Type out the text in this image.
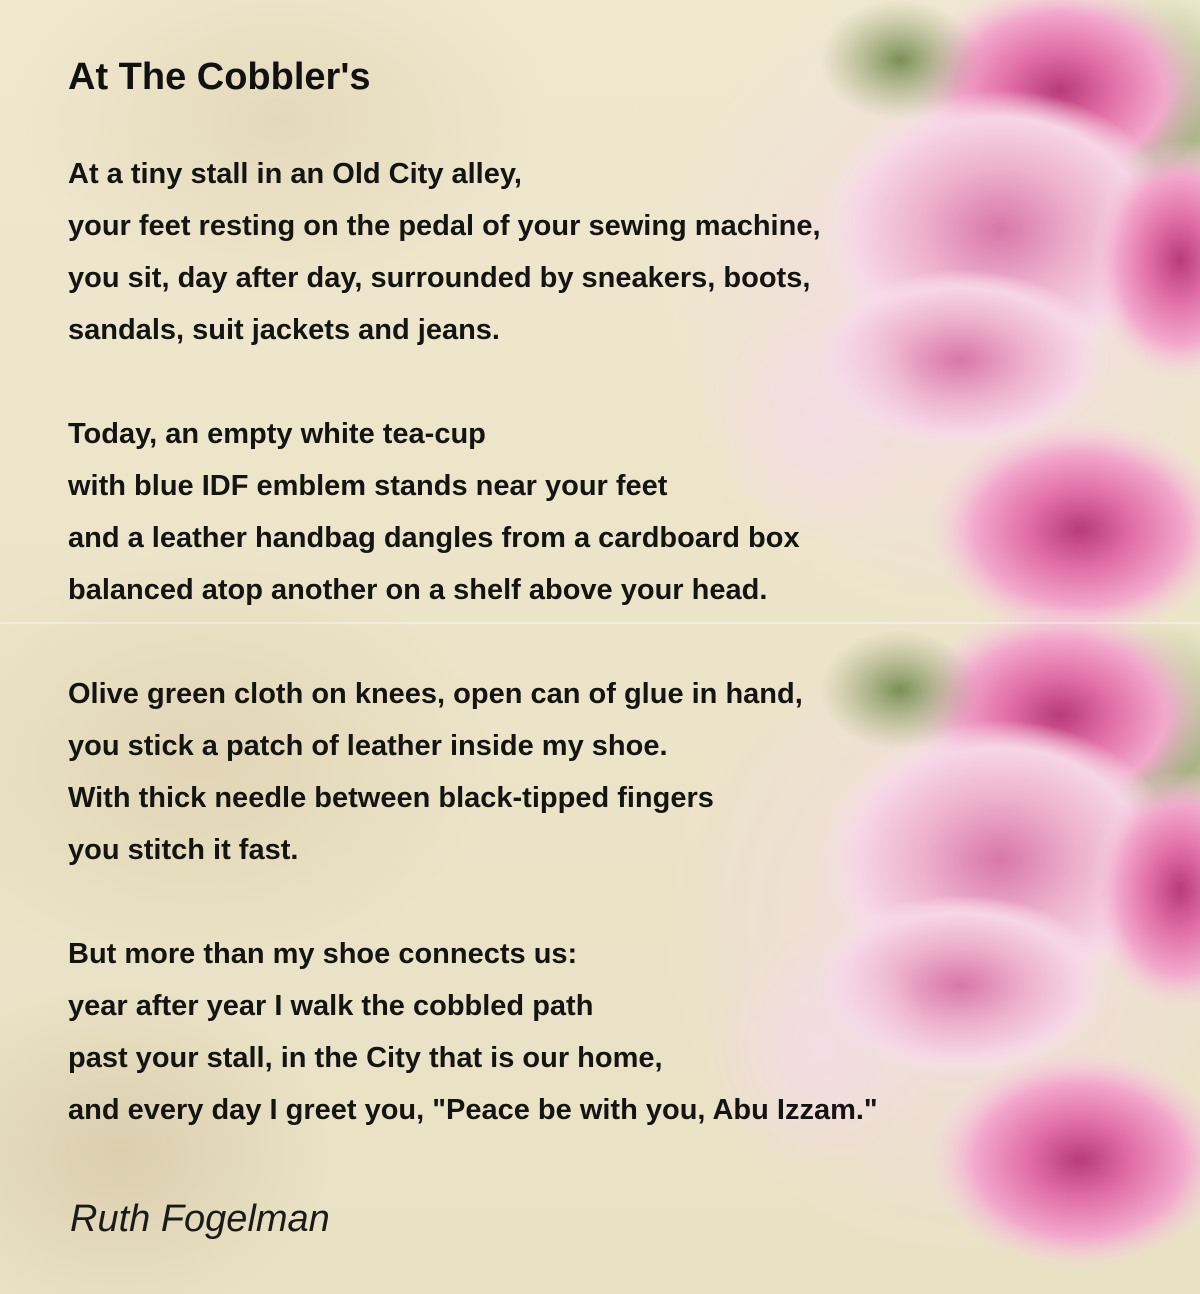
At The Cobbler's
At a tiny stall in an Old City alley,
your feet resting on the pedal of your sewing machine,
you sit, day after day, surrounded by sneakers, boots,
sandals, suit jackets and jeans.
Today, an empty white tea-cup
with blue IDF emblem stands near your feet
and a leather handbag dangles from a cardboard box
balanced atop another on a shelf above your head.
Olive green cloth on knees, open can of glue in hand,
you stick a patch of leather inside my shoe.
With thick needle between black-tipped fingers
you stitch it fast.
But more than my shoe connects us:
year after year I walk the cobbled path
past your stall, in the City that is our home,
and every day I greet you, "Peace be with you, Abu Izzam."
Ruth Fogelman
